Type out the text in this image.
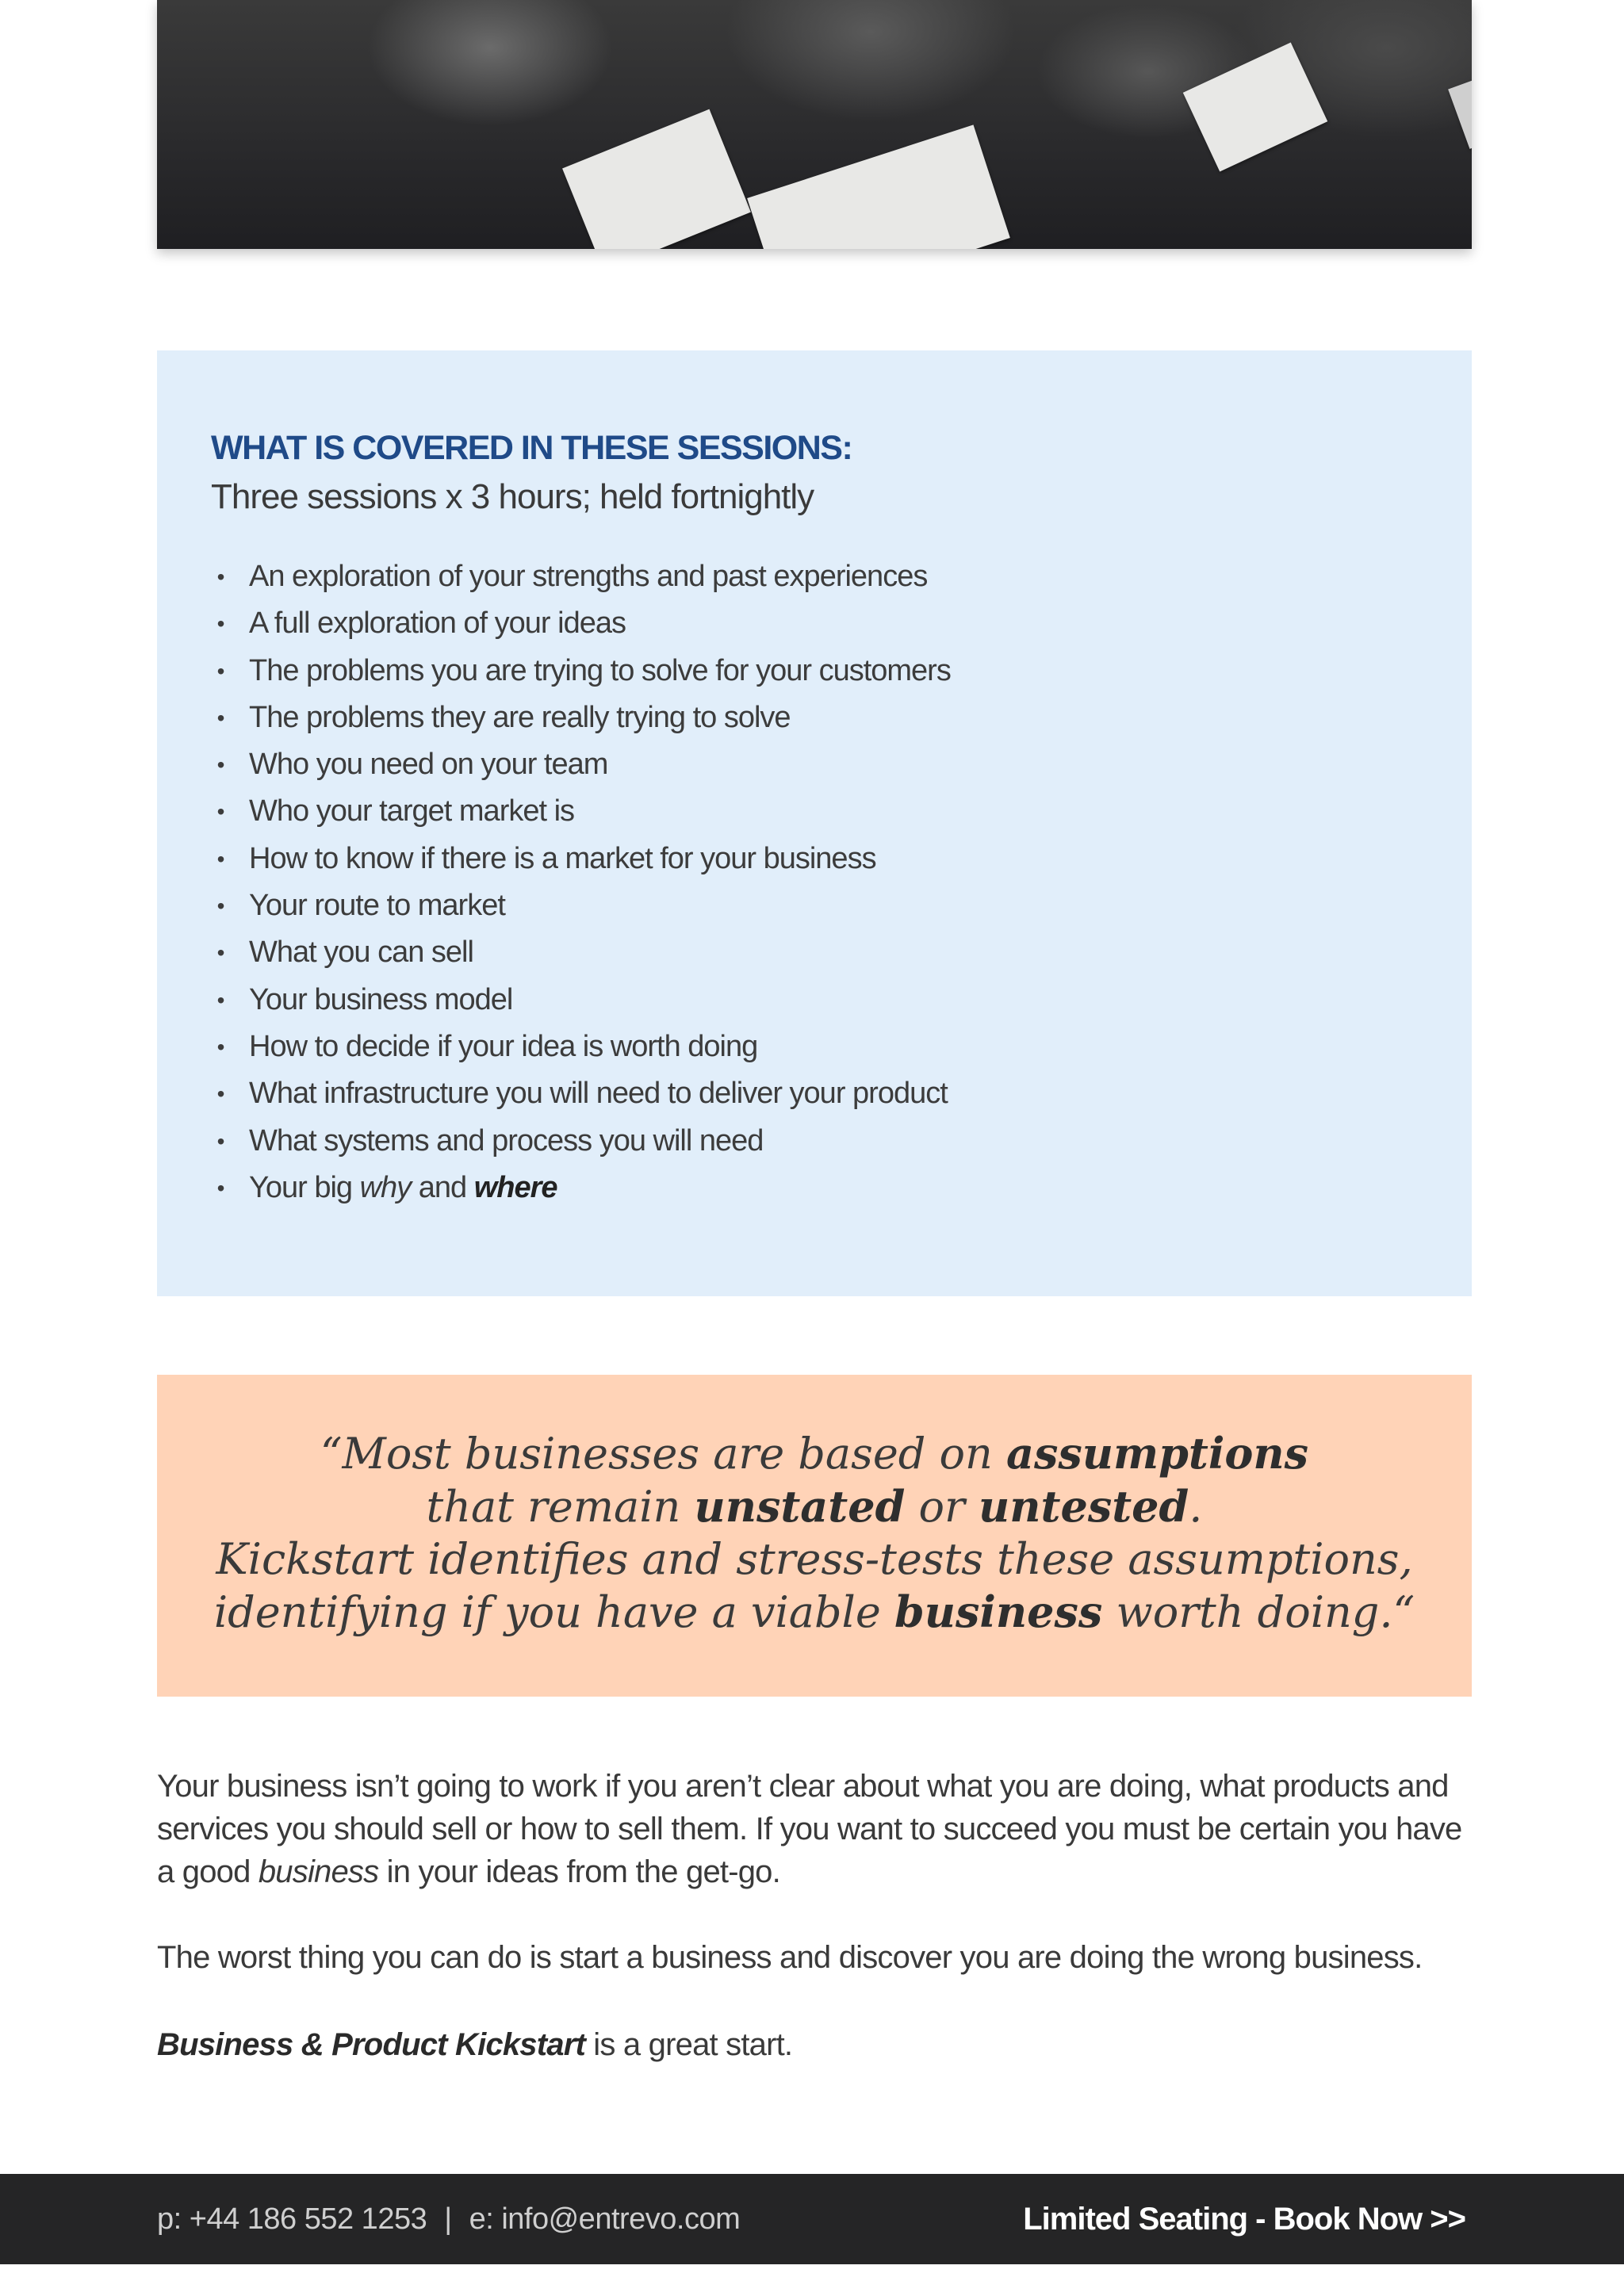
WHAT IS COVERED IN THESE SESSIONS:

Three sessions x 3 hours; held fortnightly

• An exploration of your strengths and past experiences
• A full exploration of your ideas
• The problems you are trying to solve for your customers
• The problems they are really trying to solve
• Who you need on your team
• Who your target market is
• How to know if there is a market for your business
• Your route to market
• What you can sell
• Your business model
• How to decide if your idea is worth doing
• What infrastructure you will need to deliver your product
• What systems and process you will need
• Your big why and where
“Most businesses are based on assumptions
that remain unstated or untested.
Kickstart identifies and stress-tests these assumptions,
identifying if you have a viable business worth doing.“

Your business isn’t going to work if you aren’t clear about what you are doing, what products and services you should sell or how to sell them. If you want to succeed you must be certain you have a good business in your ideas from the get-go.

The worst thing you can do is start a business and discover you are doing the wrong business.

Business & Product Kickstart is a great start.

p: +44 186 552 1253 | e: info@entrevo.com	Limited Seating - Book Now >>
